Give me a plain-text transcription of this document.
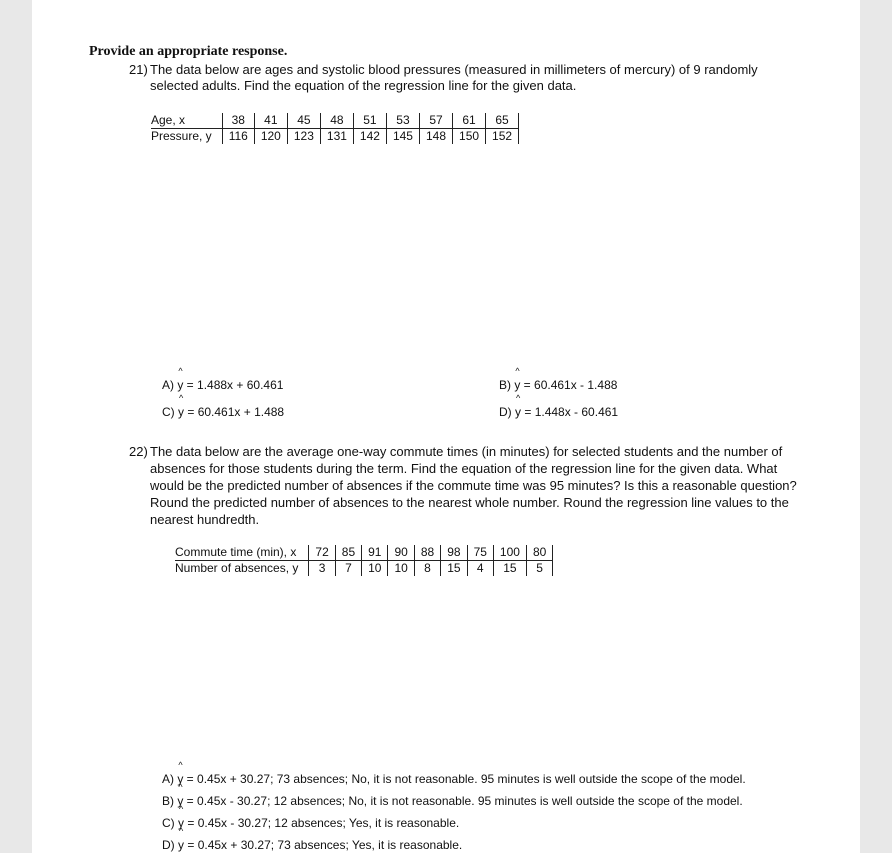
Provide an appropriate response.
21) The data below are ages and systolic blood pressures (measured in millimeters of mercury) of 9 randomly
selected adults. Find the equation of the regression line for the given data.
Age, x	38	41	45	48	51	53	57	61	65
Pressure, y	116	120	123	131	142	145	148	150	152
A) ^ y = 1.488x + 60.461	B) ^ y = 60.461x - 1.488
C) ^ y = 60.461x + 1.488	D) ^ y = 1.448x - 60.461
22) The data below are the average one-way commute times (in minutes) for selected students and the number of
absences for those students during the term. Find the equation of the regression line for the given data. What
would be the predicted number of absences if the commute time was 95 minutes? Is this a reasonable question?
Round the predicted number of absences to the nearest whole number. Round the regression line values to the
nearest hundredth.
Commute time (min), x	72	85	91	90	88	98	75	100	80
Number of absences, y	3	7	10	10	8	15	4	15	5
A) ^ y = 0.45x + 30.27; 73 absences; No, it is not reasonable. 95 minutes is well outside the scope of the model.
B) ^ y = 0.45x - 30.27; 12 absences; No, it is not reasonable. 95 minutes is well outside the scope of the model.
C) ^ y = 0.45x - 30.27; 12 absences; Yes, it is reasonable.
D) ^ y = 0.45x + 30.27; 73 absences; Yes, it is reasonable.
